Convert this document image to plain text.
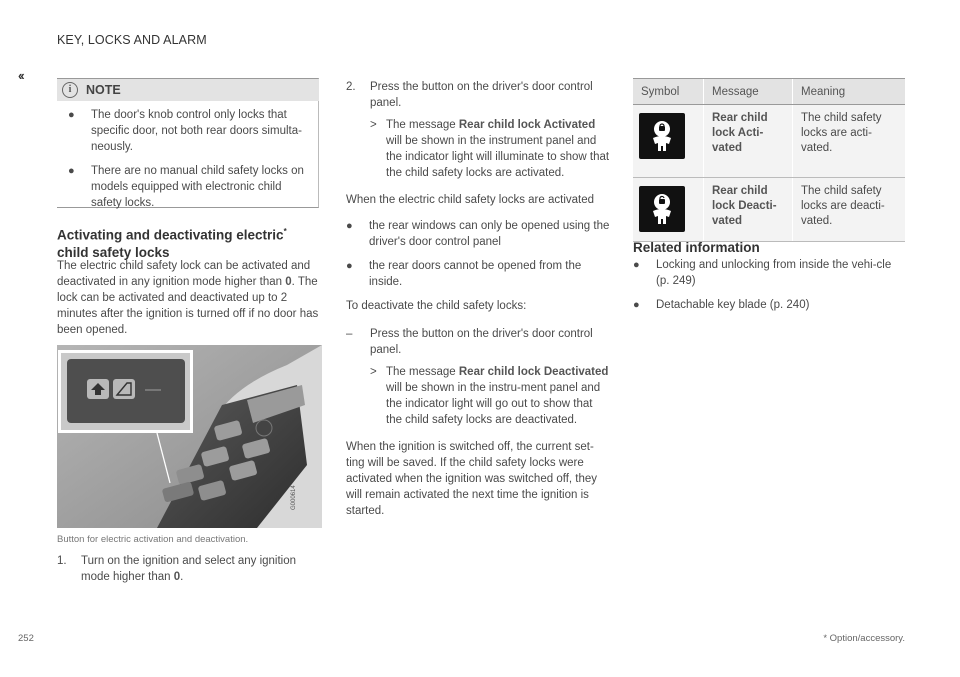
KEY, LOCKS AND ALARM
‹‹
i	NOTE
● The door's knob control only locks that specific door, not both rear doors simulta-neously.
● There are no manual child safety locks on models equipped with electronic child safety locks.
Activating and deactivating electric*
child safety locks
The electric child safety lock can be activated and deactivated in any ignition mode higher than 0. The lock can be activated and deactivated up to 2 minutes after the ignition is turned off if no door has been opened.
G000614
Button for electric activation and deactivation.
1. Turn on the ignition and select any ignition mode higher than 0.
2. Press the button on the driver's door control panel.
> The message Rear child lock Activated will be shown in the instrument panel and the indicator light will illuminate to show that the child safety locks are activated.
When the electric child safety locks are activated
● the rear windows can only be opened using the driver's door control panel
● the rear doors cannot be opened from the inside.
To deactivate the child safety locks:
– Press the button on the driver's door control panel.
> The message Rear child lock Deactivated will be shown in the instru-ment panel and the indicator light will go out to show that the child safety locks are deactivated.
When the ignition is switched off, the current set-ting will be saved. If the child safety locks were activated when the ignition was switched off, they will remain activated the next time the ignition is started.
Symbol	Message	Meaning

	Rear child lock Acti-vated	The child safety locks are acti-vated.

	Rear child lock Deacti-vated	The child safety locks are deacti-vated.
Related information
● Locking and unlocking from inside the vehi-cle (p. 249)
● Detachable key blade (p. 240)
252	* Option/accessory.
